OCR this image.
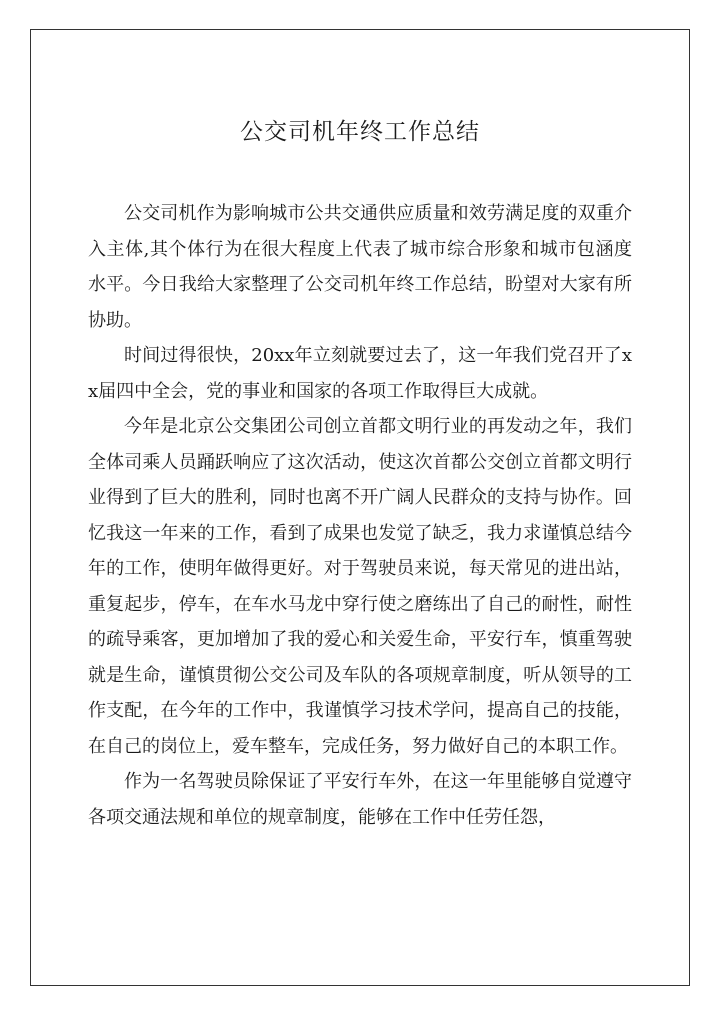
公交司机年终工作总结

公交司机作为影响城市公共交通供应质量和效劳满足度的双重介入主体,其个体行为在很大程度上代表了城市综合形象和城市包涵度水平。今日我给大家整理了公交司机年终工作总结，盼望对大家有所协助。

时间过得很快，20xx年立刻就要过去了，这一年我们党召开了xx届四中全会，党的事业和国家的各项工作取得巨大成就。

今年是北京公交集团公司创立首都文明行业的再发动之年，我们全体司乘人员踊跃响应了这次活动，使这次首都公交创立首都文明行业得到了巨大的胜利，同时也离不开广阔人民群众的支持与协作。回忆我这一年来的工作，看到了成果也发觉了缺乏，我力求谨慎总结今年的工作，使明年做得更好。对于驾驶员来说，每天常见的进出站，重复起步，停车，在车水马龙中穿行使之磨练出了自己的耐性，耐性的疏导乘客，更加增加了我的爱心和关爱生命，平安行车，慎重驾驶就是生命，谨慎贯彻公交公司及车队的各项规章制度，听从领导的工作支配，在今年的工作中，我谨慎学习技术学问，提高自己的技能，在自己的岗位上，爱车整车，完成任务，努力做好自己的本职工作。

作为一名驾驶员除保证了平安行车外，在这一年里能够自觉遵守各项交通法规和单位的规章制度，能够在工作中任劳任怨，
